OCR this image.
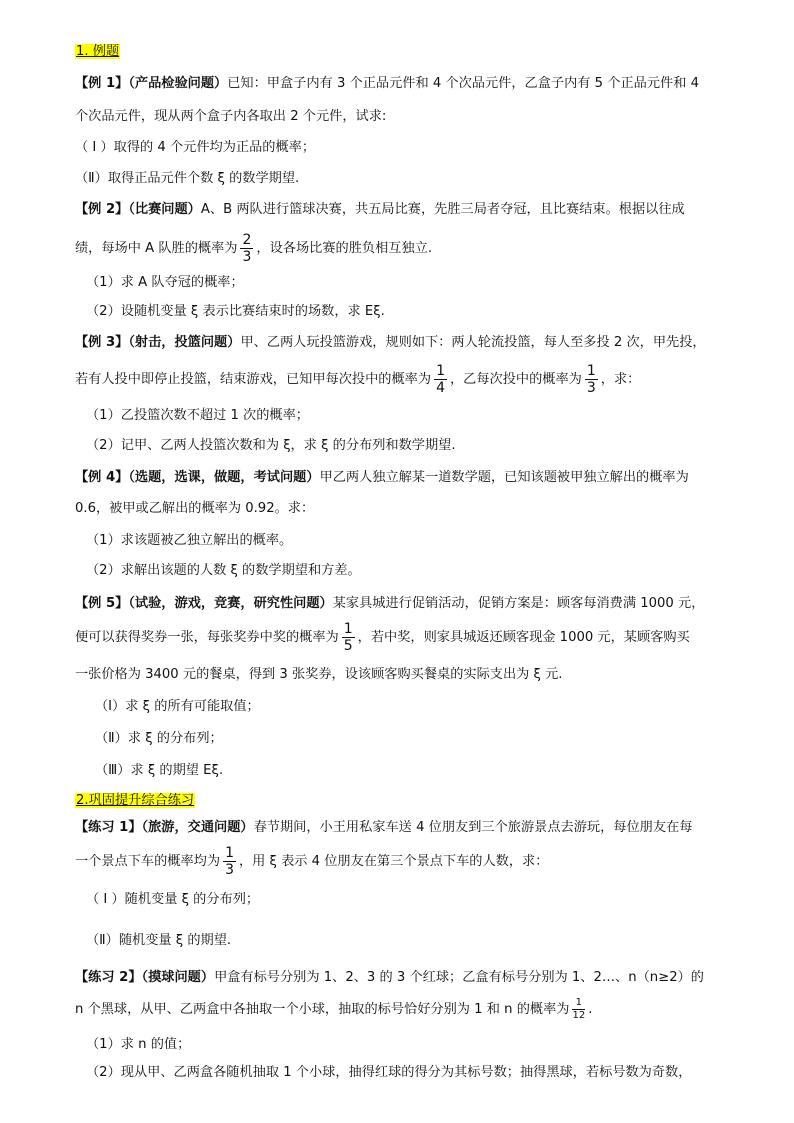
1. 例题
【例 1】（产品检验问题）已知：甲盒子内有 3 个正品元件和 4 个次品元件，乙盒子内有 5 个正品元件和 4
个次品元件，现从两个盒子内各取出 2 个元件，试求:
（ Ⅰ ）取得的 4 个元件均为正品的概率；
（Ⅱ）取得正品元件个数 ξ 的数学期望.
【例 2】（比赛问题）A、B 两队进行篮球决赛，共五局比赛，先胜三局者夺冠，且比赛结束。根据以往成
绩，每场中 A 队胜的概率为 $\frac{2}{3}$ ，设各场比赛的胜负相互独立.
（1）求 A 队夺冠的概率；
（2）设随机变量 ξ 表示比赛结束时的场数，求 Eξ.
【例 3】（射击，投篮问题）甲、乙两人玩投篮游戏，规则如下：两人轮流投篮，每人至多投 2 次，甲先投，
若有人投中即停止投篮，结束游戏，已知甲每次投中的概率为 $\frac{1}{4}$ ，乙每次投中的概率为 $\frac{1}{3}$ ，求：
（1）乙投篮次数不超过 1 次的概率；
（2）记甲、乙两人投篮次数和为 ξ，求 ξ 的分布列和数学期望.
【例 4】（选题，选课，做题，考试问题）甲乙两人独立解某一道数学题，已知该题被甲独立解出的概率为
0.6，被甲或乙解出的概率为 0.92。求：
（1）求该题被乙独立解出的概率。
（2）求解出该题的人数 ξ 的数学期望和方差。
【例 5】（试验，游戏，竞赛，研究性问题）某家具城进行促销活动，促销方案是：顾客每消费满 1000 元，
便可以获得奖券一张，每张奖券中奖的概率为 $\frac{1}{5}$ ，若中奖，则家具城返还顾客现金 1000 元，某顾客购买
一张价格为 3400 元的餐桌，得到 3 张奖券，设该顾客购买餐桌的实际支出为 ξ 元.
（Ⅰ）求 ξ 的所有可能取值；
（Ⅱ）求 ξ 的分布列；
（Ⅲ）求 ξ 的期望 Eξ.
2.巩固提升综合练习
【练习 1】（旅游，交通问题）春节期间，小王用私家车送 4 位朋友到三个旅游景点去游玩，每位朋友在每
一个景点下车的概率均为 $\frac{1}{3}$ ，用 ξ 表示 4 位朋友在第三个景点下车的人数，求：
（ Ⅰ ）随机变量 ξ 的分布列；
（Ⅱ）随机变量 ξ 的期望.
【练习 2】（摸球问题）甲盒有标号分别为 1、2、3 的 3 个红球；乙盒有标号分别为 1、2…、n（n≥2）的
n 个黑球，从甲、乙两盒中各抽取一个小球，抽取的标号恰好分别为 1 和 n 的概率为 $\frac{1}{12}$ .
（1）求 n 的值；
（2）现从甲、乙两盒各随机抽取 1 个小球，抽得红球的得分为其标号数；抽得黑球，若标号数为奇数，
